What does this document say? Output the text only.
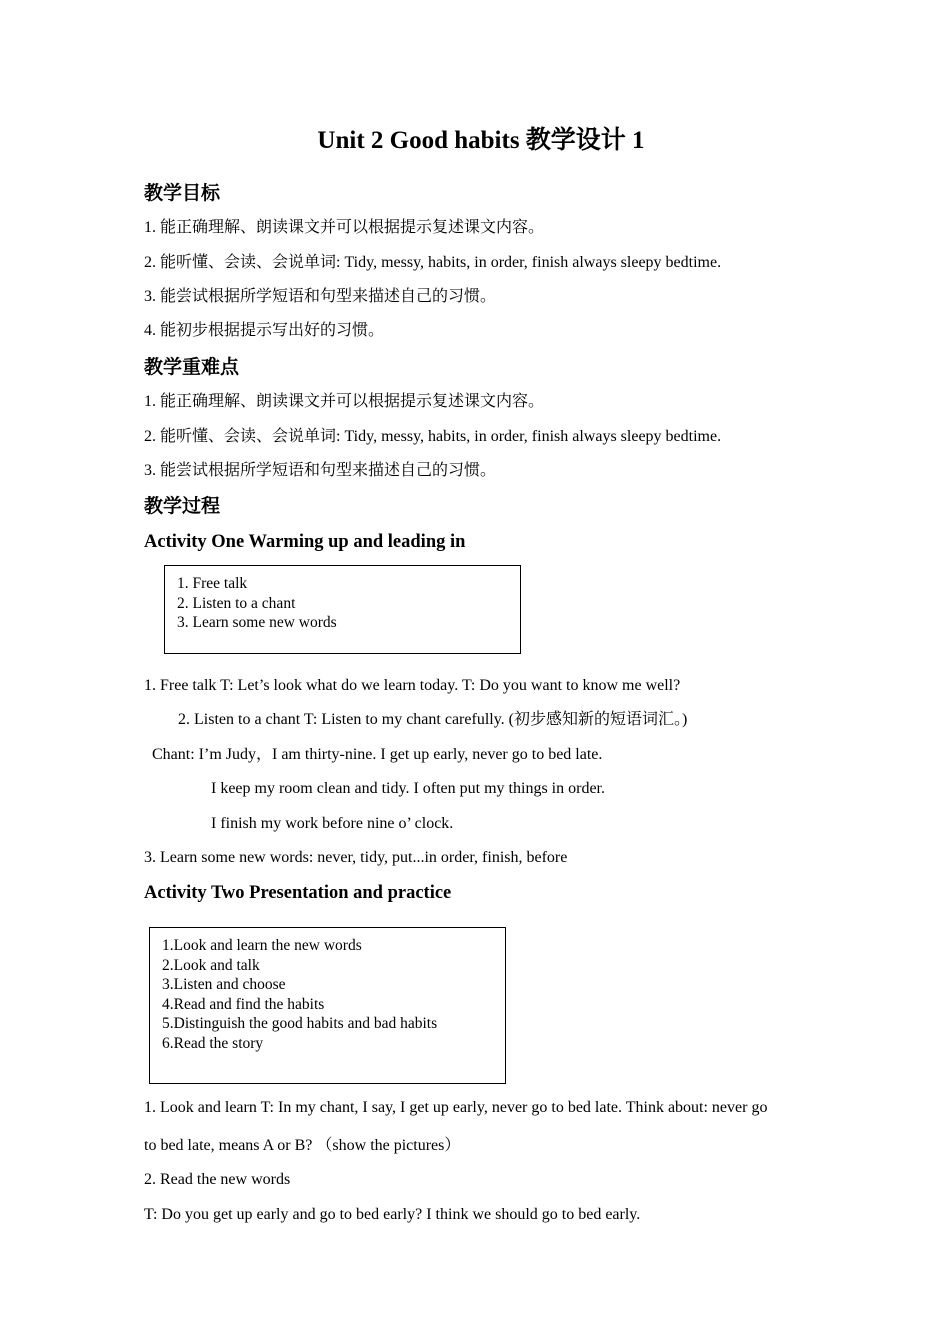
Unit 2 Good habits 教学设计 1
教学目标
1. 能正确理解、朗读课文并可以根据提示复述课文内容。
2. 能听懂、会读、会说单词: Tidy, messy, habits, in order, finish always sleepy bedtime.
3. 能尝试根据所学短语和句型来描述自己的习惯。
4. 能初步根据提示写出好的习惯。
教学重难点
1. 能正确理解、朗读课文并可以根据提示复述课文内容。
2. 能听懂、会读、会说单词: Tidy, messy, habits, in order, finish always sleepy bedtime.
3. 能尝试根据所学短语和句型来描述自己的习惯。
教学过程
Activity One Warming up and leading in
1. Free talk
2. Listen to a chant
3. Learn some new words
1. Free talk T: Let’s look what do we learn today. T: Do you want to know me well?
2. Listen to a chant T: Listen to my chant carefully. (初步感知新的短语词汇。)
Chant: I’m Judy，I am thirty-nine. I get up early, never go to bed late.
I keep my room clean and tidy. I often put my things in order.
I finish my work before nine o’ clock.
3. Learn some new words: never, tidy, put...in order, finish, before
Activity Two Presentation and practice
1.Look and learn the new words
2.Look and talk
3.Listen and choose
4.Read and find the habits
5.Distinguish the good habits and bad habits
6.Read the story
1. Look and learn T: In my chant, I say, I get up early, never go to bed late. Think about: never go
to bed late, means A or B? （show the pictures）
2. Read the new words
T: Do you get up early and go to bed early? I think we should go to bed early.
